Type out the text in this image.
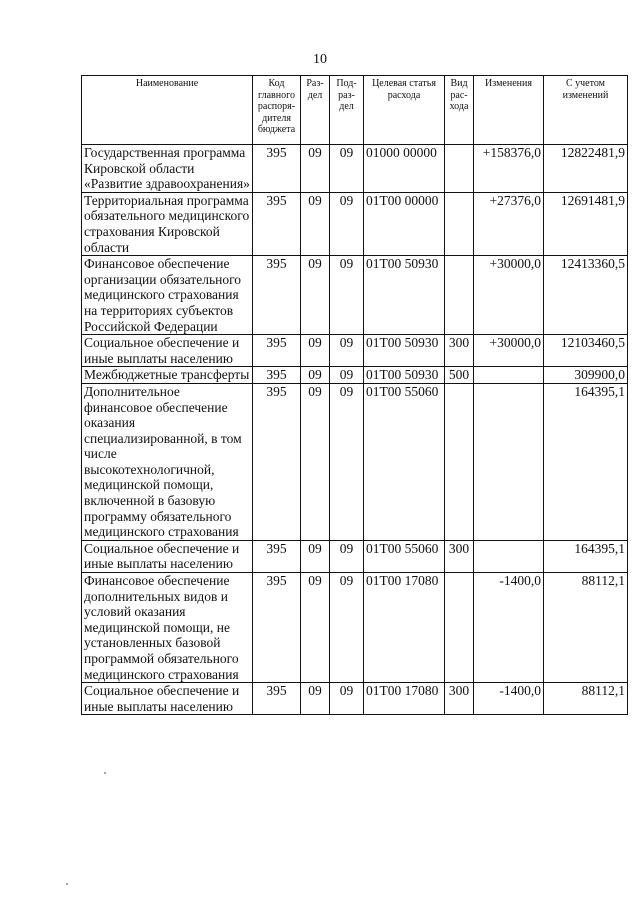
10
Наименование	Код главного распоря-дителя бюджета	Раз-дел	Под-раз-дел	Целевая статья расхода	Вид рас-хода	Изменения	С учетом изменений
Государственная программа Кировской области «Развитие здравоохранения»	395	09	09	01000 00000		+158376,0	12822481,9
Территориальная программа обязательного медицинского страхования Кировской области	395	09	09	01Т00 00000		+27376,0	12691481,9
Финансовое обеспечение организации обязательного медицинского страхования на территориях субъектов Российской Федерации	395	09	09	01Т00 50930		+30000,0	12413360,5
Социальное обеспечение и иные выплаты населению	395	09	09	01Т00 50930	300	+30000,0	12103460,5
Межбюджетные трансферты	395	09	09	01Т00 50930	500		309900,0
Дополнительное финансовое обеспечение оказания специализированной, в том числе высокотехнологичной, медицинской помощи, включенной в базовую программу обязательного медицинского страхования	395	09	09	01Т00 55060			164395,1
Социальное обеспечение и иные выплаты населению	395	09	09	01Т00 55060	300		164395,1
Финансовое обеспечение дополнительных видов и условий оказания медицинской помощи, не установленных базовой программой обязательного медицинского страхования	395	09	09	01Т00 17080		-1400,0	88112,1
Социальное обеспечение и иные выплаты населению	395	09	09	01Т00 17080	300	-1400,0	88112,1
